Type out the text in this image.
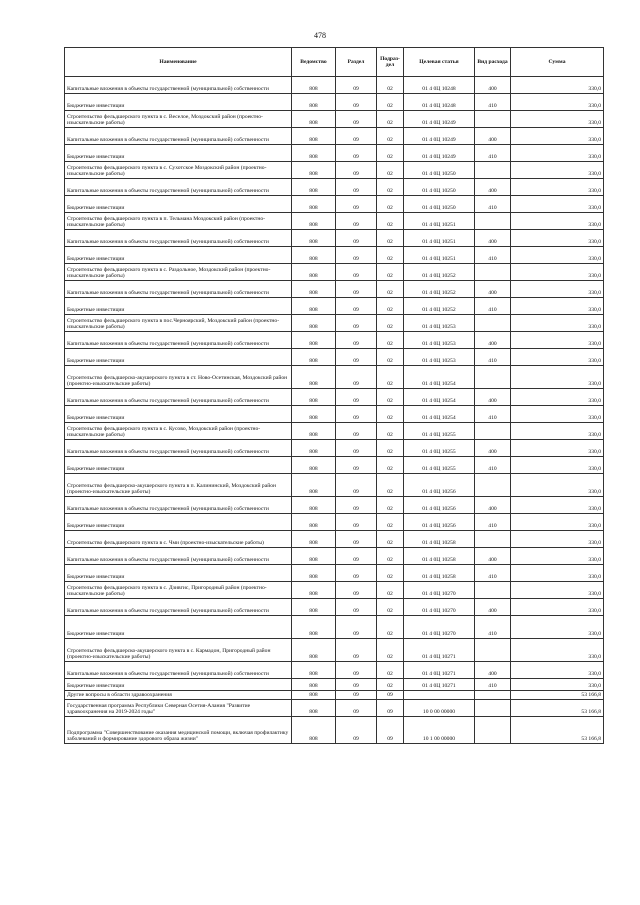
478
Наименование	Ведомство	Раздел	Подраз-дел	Целевая статья	Вид расхода	Сумма
Капитальные вложения в объекты государственной (муниципальной) собственности	808	09	02	01 4 0Ц 10248	400	330,0
Бюджетные инвестиции	808	09	02	01 4 0Ц 10248	410	330,0
Строительство фельдшерского пункта в с. Веселое, Моздокский район (проектно-изыскательские работы)	808	09	02	01 4 0Ц 10249		330,0
Капитальные вложения в объекты государственной (муниципальной) собственности	808	09	02	01 4 0Ц 10249	400	330,0
Бюджетные инвестиции	808	09	02	01 4 0Ц 10249	410	330,0
Строительство фельдшерского пункта в с. Сухотское Моздокский район (проектно-изыскательские работы)	808	09	02	01 4 0Ц 10250		330,0
Капитальные вложения в объекты государственной (муниципальной) собственности	808	09	02	01 4 0Ц 10250	400	330,0
Бюджетные инвестиции	808	09	02	01 4 0Ц 10250	410	330,0
Строительство фельдшерского пункта в п. Тельмана Моздокский район (проектно-изыскательские работы)	808	09	02	01 4 0Ц 10251		330,0
Капитальные вложения в объекты государственной (муниципальной) собственности	808	09	02	01 4 0Ц 10251	400	330,0
Бюджетные инвестиции	808	09	02	01 4 0Ц 10251	410	330,0
Строительство фельдшерского пункта в с. Раздольное, Моздокский район (проектно-изыскательские работы)	808	09	02	01 4 0Ц 10252		330,0
Капитальные вложения в объекты государственной (муниципальной) собственности	808	09	02	01 4 0Ц 10252	400	330,0
Бюджетные инвестиции	808	09	02	01 4 0Ц 10252	410	330,0
Строительство фельдшерского пункта в пос.Черноярский, Моздокский район (проектно-изыскательские работы)	808	09	02	01 4 0Ц 10253		330,0
Капитальные вложения в объекты государственной (муниципальной) собственности	808	09	02	01 4 0Ц 10253	400	330,0
Бюджетные инвестиции	808	09	02	01 4 0Ц 10253	410	330,0
Строительство фельдшерско-акушерского пункта в ст. Ново-Осетинская, Моздокский район (проектно-изыскательские работы)	808	09	02	01 4 0Ц 10254		330,0
Капитальные вложения в объекты государственной (муниципальной) собственности	808	09	02	01 4 0Ц 10254	400	330,0
Бюджетные инвестиции	808	09	02	01 4 0Ц 10254	410	330,0
Строительство фельдшерского пункта в с. Кусово, Моздокский район (проектно-изыскательские работы)	808	09	02	01 4 0Ц 10255		330,0
Капитальные вложения в объекты государственной (муниципальной) собственности	808	09	02	01 4 0Ц 10255	400	330,0
Бюджетные инвестиции	808	09	02	01 4 0Ц 10255	410	330,0
Строительство фельдшерско-акушерского пункта в п. Калининский, Моздокский район (проектно-изыскательские работы)	808	09	02	01 4 0Ц 10256		330,0
Капитальные вложения в объекты государственной (муниципальной) собственности	808	09	02	01 4 0Ц 10256	400	330,0
Бюджетные инвестиции	808	09	02	01 4 0Ц 10256	410	330,0
Строительство фельдшерского пункта в с. Чми (проектно-изыскательские работы)	808	09	02	01 4 0Ц 10258		330,0
Капитальные вложения в объекты государственной (муниципальной) собственности	808	09	02	01 4 0Ц 10258	400	330,0
Бюджетные инвестиции	808	09	02	01 4 0Ц 10258	410	330,0
Строительство фельдшерского пункта в с. Дзивгис, Пригородный район (проектно-изыскательские работы)	808	09	02	01 4 0Ц 10270		330,0
Капитальные вложения в объекты государственной (муниципальной) собственности	808	09	02	01 4 0Ц 10270	400	330,0
Бюджетные инвестиции	808	09	02	01 4 0Ц 10270	410	330,0
Строительство фельдшерско-акушерского пункта в с. Кармадон, Пригородный район (проектно-изыскательские работы)	808	09	02	01 4 0Ц 10271		330,0
Капитальные вложения в объекты государственной (муниципальной) собственности	808	09	02	01 4 0Ц 10271	400	330,0
Бюджетные инвестиции	808	09	02	01 4 0Ц 10271	410	330,0
Другие вопросы в области здравоохранения	808	09	09			53 166,8
Государственная программа Республики Северная Осетия-Алания "Развитие здравоохранения на 2019-2024 годы"	808	09	09	10 0 00 00000		53 166,8
Подпрограмма "Совершенствование оказания медицинской помощи, включая профилактику заболеваний и формирование здорового образа жизни"	808	09	09	10 1 00 00000		53 166,8
